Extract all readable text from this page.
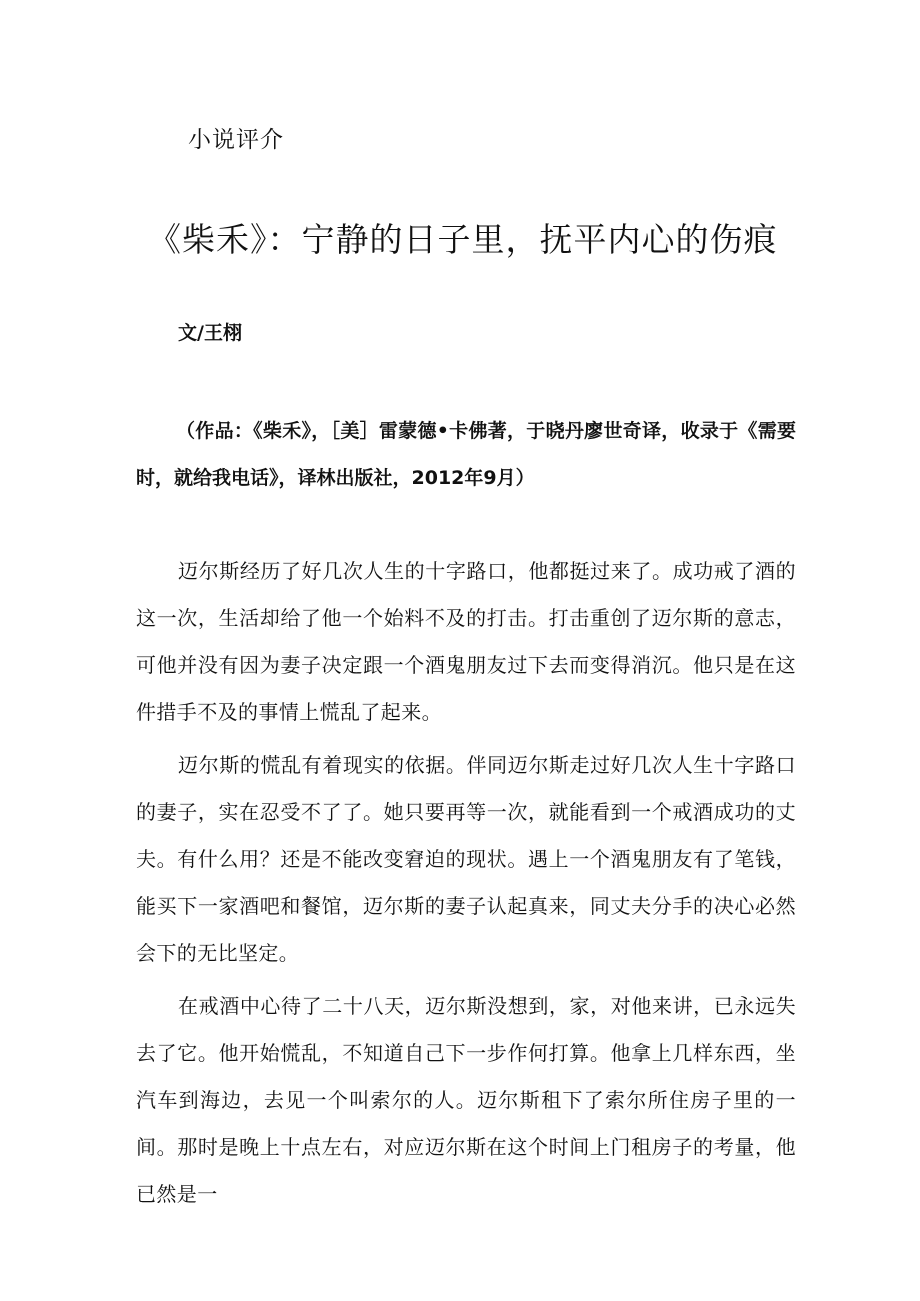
小说评介
《柴禾》：宁静的日子里，抚平内心的伤痕
文/王栩
（作品：《柴禾》，［美］雷蒙德•卡佛著，于晓丹廖世奇译，收录于《需要时，就给我电话》，译林出版社，2012年9月）

迈尔斯经历了好几次人生的十字路口，他都挺过来了。成功戒了酒的这一次，生活却给了他一个始料不及的打击。打击重创了迈尔斯的意志，可他并没有因为妻子决定跟一个酒鬼朋友过下去而变得消沉。他只是在这件措手不及的事情上慌乱了起来。

迈尔斯的慌乱有着现实的依据。伴同迈尔斯走过好几次人生十字路口的妻子，实在忍受不了了。她只要再等一次，就能看到一个戒酒成功的丈夫。有什么用？还是不能改变窘迫的现状。遇上一个酒鬼朋友有了笔钱，能买下一家酒吧和餐馆，迈尔斯的妻子认起真来，同丈夫分手的决心必然会下的无比坚定。

在戒酒中心待了二十八天，迈尔斯没想到，家，对他来讲，已永远失去了它。他开始慌乱，不知道自己下一步作何打算。他拿上几样东西，坐汽车到海边，去见一个叫索尔的人。迈尔斯租下了索尔所住房子里的一间。那时是晚上十点左右，对应迈尔斯在这个时间上门租房子的考量，他已然是一
